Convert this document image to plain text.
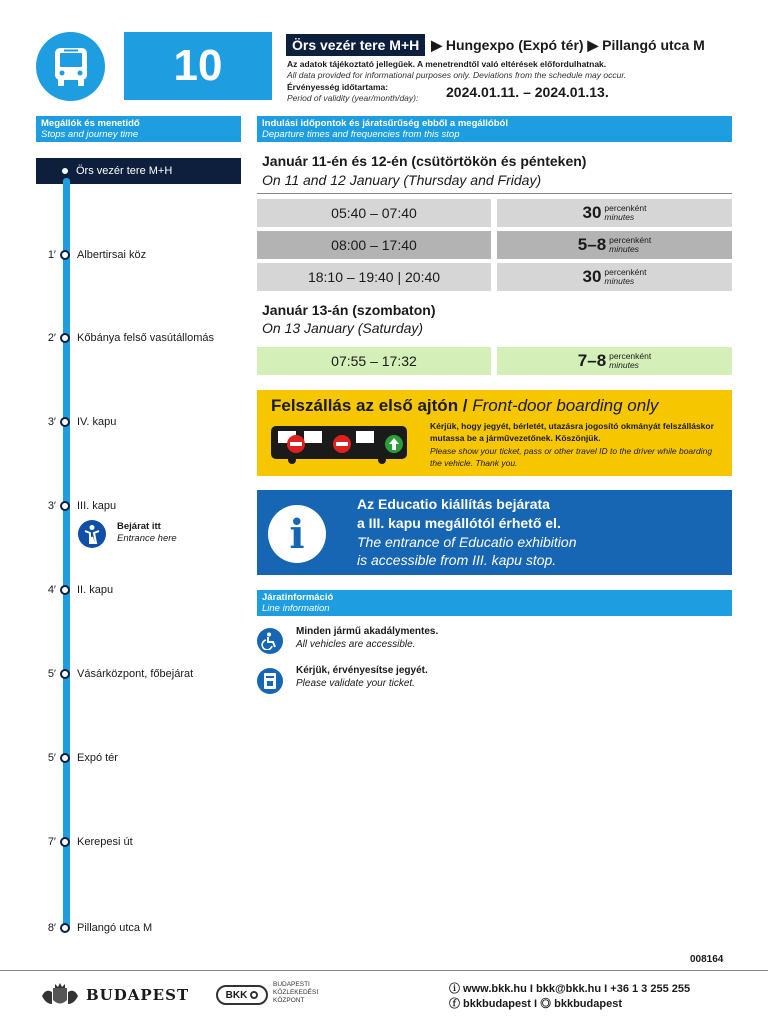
10	Örs vezér tere M+H ▶ Hungexpo (Expó tér) ▶ Pillangó utca M
Az adatok tájékoztató jellegűek. A menetrendtől való eltérések előfordulhatnak.
All data provided for informational purposes only. Deviations from the schedule may occur.
Érvényesség időtartama:
Period of validity (year/month/day): 2024.01.11. – 2024.01.13.
Megállók és menetidő
Stops and journey time
Örs vezér tere M+H
1′ Albertirsai köz
2′ Kőbánya felső vasútállomás
3′ IV. kapu
3′ III. kapu
Bejárat itt
Entrance here
4′ II. kapu
5′ Vásárközpont, főbejárat
5′ Expó tér
7′ Kerepesi út
8′ Pillangó utca M
Indulási időpontok és járatsűrűség ebből a megállóból
Departure times and frequencies from this stop
Január 11-én és 12-én (csütörtökön és pénteken)
On 11 and 12 January (Thursday and Friday)
05:40 – 07:40	30 percenként
minutes
08:00 – 17:40	5–8 percenként
minutes
18:10 – 19:40 | 20:40	30 percenként
minutes
Január 13-án (szombaton)
On 13 January (Saturday)
07:55 – 17:32	7–8 percenként
minutes
Felszállás az első ajtón / Front-door boarding only
Kérjük, hogy jegyét, bérletét, utazásra jogosító okmányát felszálláskor mutassa be a járművezetőnek. Köszönjük.
Please show your ticket, pass or other travel ID to the driver while boarding the vehicle. Thank you.
i
Az Educatio kiállítás bejárata
a III. kapu megállótól érhető el.
The entrance of Educatio exhibition
is accessible from III. kapu stop.
Járatinformáció
Line information
Minden jármű akadálymentes.
All vehicles are accessible.
Kérjük, érvényesítse jegyét.
Please validate your ticket.
008164
BUDAPEST	BKK
BUDAPESTI
KÖZLEKEDÉSI
KÖZPONT
ⓘ www.bkk.hu I bkk@bkk.hu I +36 1 3 255 255
ⓕ bkkbudapest I ◎ bkkbudapest
